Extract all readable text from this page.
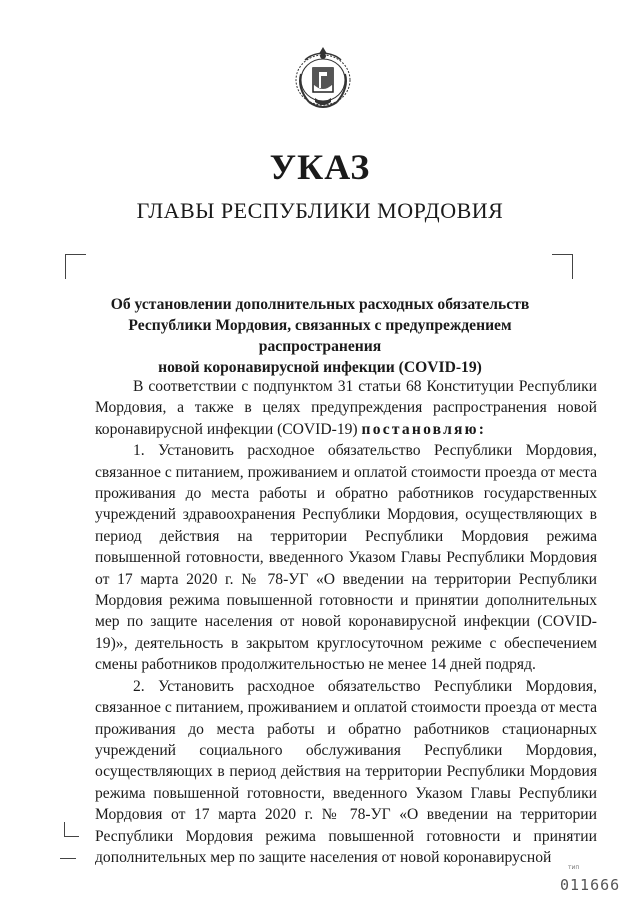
УКАЗ
ГЛАВЫ РЕСПУБЛИКИ МОРДОВИЯ
Об установлении дополнительных расходных обязательств
Республики Мордовия, связанных с предупреждением распространения
новой коронавирусной инфекции (COVID-19)

В соответствии с подпунктом 31 статьи 68 Конституции Республики Мордовия, а также в целях предупреждения распространения новой коронавирусной инфекции (COVID-19) постановляю:

1. Установить расходное обязательство Республики Мордовия, связанное с питанием, проживанием и оплатой стоимости проезда от места проживания до места работы и обратно работников государственных учреждений здравоохранения Республики Мордовия, осуществляющих в период действия на территории Республики Мордовия режима повышенной готовности, введенного Указом Главы Республики Мордовия от 17 марта 2020 г. № 78-УГ «О введении на территории Республики Мордовия режима повышенной готовности и принятии дополнительных мер по защите населения от новой коронавирусной инфекции (COVID-19)», деятельность в закрытом круглосуточном режиме с обеспечением смены работников продолжительностью не менее 14 дней подряд.

2. Установить расходное обязательство Республики Мордовия, связанное с питанием, проживанием и оплатой стоимости проезда от места проживания до места работы и обратно работников стационарных учреждений социального обслуживания Республики Мордовия, осуществляющих в период действия на территории Республики Мордовия режима повышенной готовности, введенного Указом Главы Республики Мордовия от 17 марта 2020 г. № 78-УГ «О введении на территории Республики Мордовия режима повышенной готовности и принятии дополнительных мер по защите населения от новой коронавирусной

тип
011666
